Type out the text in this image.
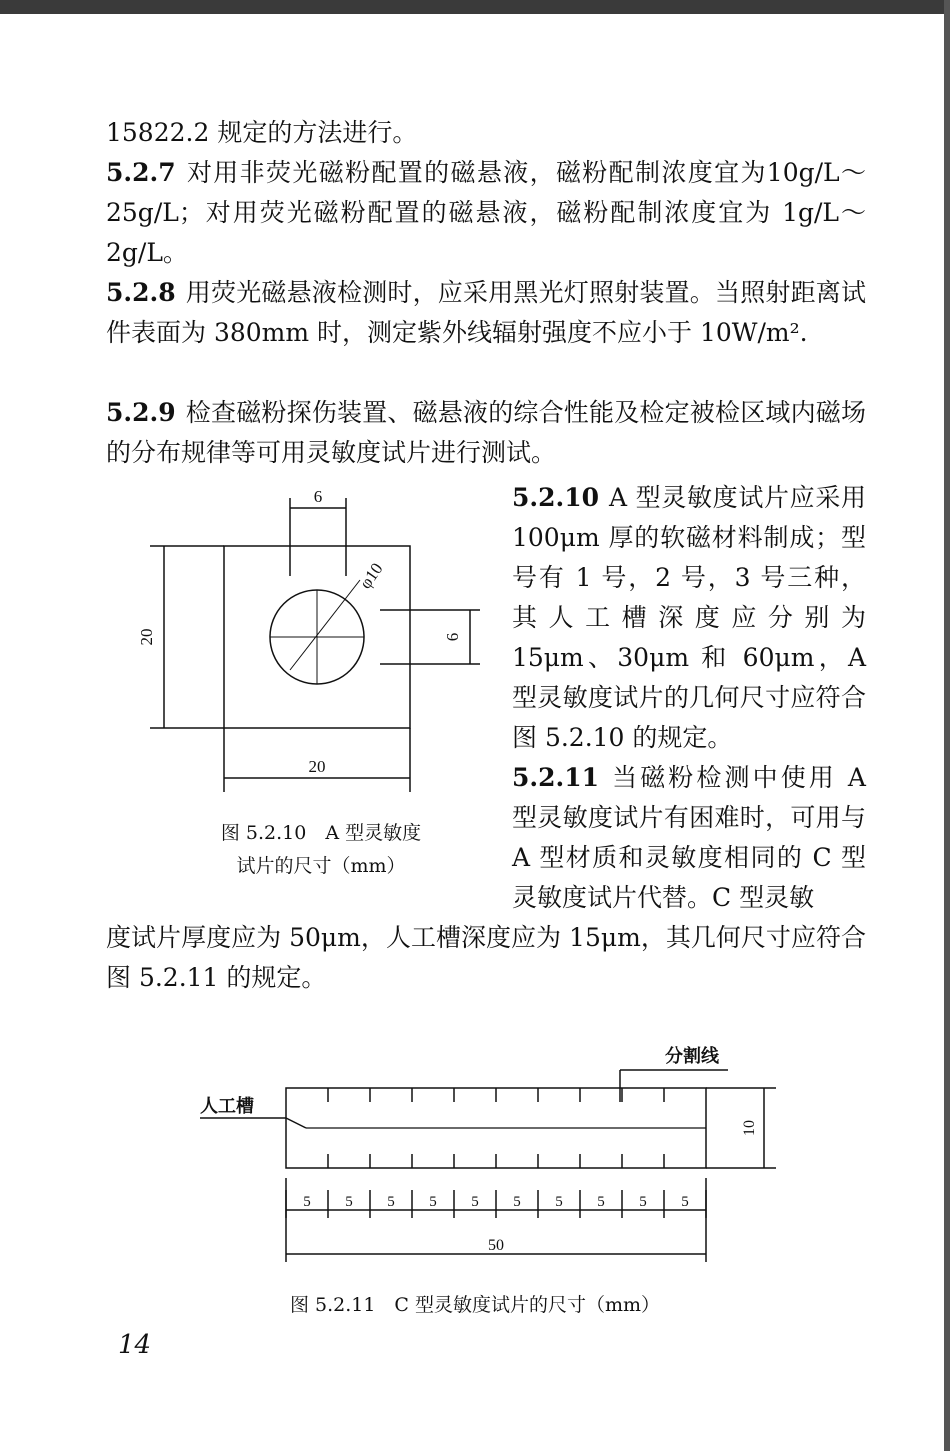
15822.2 规定的方法进行。

5.2.7 对用非荧光磁粉配置的磁悬液，磁粉配制浓度宜为10g/L～25g/L；对用荧光磁粉配置的磁悬液，磁粉配制浓度宜为 1g/L～2g/L。

5.2.8 用荧光磁悬液检测时，应采用黑光灯照射装置。当照射距离试件表面为 380mm 时，测定紫外线辐射强度不应小于 10W/m².

5.2.9 检查磁粉探伤装置、磁悬液的综合性能及检定被检区域内磁场的分布规律等可用灵敏度试片进行测试。

6
φ10
20	6
20
图 5.2.10　A 型灵敏度
试片的尺寸（mm）

5.2.10 A 型灵敏度试片应采用 100μm 厚的软磁材料制成；型号有 1 号，2 号，3 号三种，其人工槽深度应分别为 15μm、30μm 和 60μm，A 型灵敏度试片的几何尺寸应符合图 5.2.10 的规定。

5.2.11 当磁粉检测中使用 A 型灵敏度试片有困难时，可用与 A 型材质和灵敏度相同的 C 型灵敏度试片代替。C 型灵敏

度试片厚度应为 50μm，人工槽深度应为 15μm，其几何尺寸应符合图 5.2.11 的规定。

5 5 5 5 5 5 5 5 5 5
分割线
人工槽
10
50
图 5.2.11　C 型灵敏度试片的尺寸（mm）
14
